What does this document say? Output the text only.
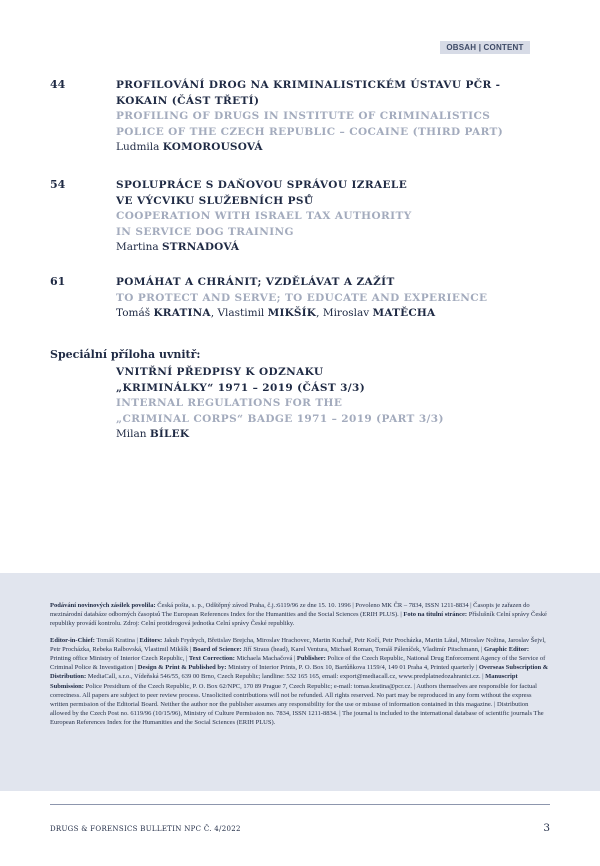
OBSAH | CONTENT
44	PROFILOVÁNÍ DROG NA KRIMINALISTICKÉM ÚSTAVU PČR -
KOKAIN (ČÁST TŘETÍ)
PROFILING OF DRUGS IN INSTITUTE OF CRIMINALISTICS
POLICE OF THE CZECH REPUBLIC – COCAINE (THIRD PART)
Ludmila KOMOROUSOVÁ
54	SPOLUPRÁCE S DAŇOVOU SPRÁVOU IZRAELE
VE VÝCVIKU SLUŽEBNÍCH PSŮ
COOPERATION WITH ISRAEL TAX AUTHORITY
IN SERVICE DOG TRAINING
Martina STRNADOVÁ
61	POMÁHAT A CHRÁNIT; VZDĚLÁVAT A ZAŽÍT
TO PROTECT AND SERVE; TO EDUCATE AND EXPERIENCE
Tomáš KRATINA, Vlastimil MIKŠÍK, Miroslav MATĚCHA
Speciální příloha uvnitř:
VNITŘNÍ PŘEDPISY K ODZNAKU
„KRIMINÁLKY“ 1971 – 2019 (ČÁST 3/3)
INTERNAL REGULATIONS FOR THE
„CRIMINAL CORPS“ BADGE 1971 – 2019 (PART 3/3)
Milan BÍLEK

Podávání novinových zásilek povolila: Česká pošta, s. p., Odštěpný závod Praha, č.j.:6119/96 ze dne 15. 10. 1996 | Povoleno MK ČR – 7834, ISSN 1211-8834 | Časopis je zařazen do mezinárodní databáze odborných časopisů The European References Index for the Humanities and the Social Sciences (ERIH PLUS). | Foto na titulní stránce: Příslušník Celní správy České republiky provádí kontrolu. Zdroj: Celní protidrogová jednotka Celní správy České republiky.

Editor-in-Chief: Tomáš Kratina | Editors: Jakub Frydrych, Břetislav Brejcha, Miroslav Hrachovec, Martin Kuchař, Petr Kočí, Petr Procházka, Martin Látal, Miroslav Nožina, Jaroslav Šejvl, Petr Procházka, Rebeka Ralbovská, Vlastimil Mikšík | Board of Science: Jiří Straus (head), Karel Ventura, Michael Roman, Tomáš Páleníček, Vladimír Pitschmann, | Graphic Editor: Printing office Ministry of Interior Czech Republic, | Text Correction: Michaela Machačová | Publisher: Police of the Czech Republic, National Drug Enforcement Agency of the Service of Criminal Police & Investigation | Design & Print & Published by: Ministry of Interior Prints, P. O. Box 10, Bartůňkova 1159/4, 149 01 Praha 4, Printed quarterly | Overseas Subscription & Distribution: MediaCall, s.r.o., Vídeňská 546/55, 639 00 Brno, Czech Republic; landline: 532 165 165, email: export@mediacall.cz, www.predplatnedozahranici.cz. | Manuscript Submission: Police Presidium of the Czech Republic, P. O. Box 62/NPC, 170 89 Prague 7, Czech Republic; e-mail: tomas.kratina@pcr.cz. | Authors themselves are responsible for factual correctness. All papers are subject to peer review process. Unsolicited contributions will not be refunded. All rights reserved. No part may be reproduced in any form without the express written permission of the Editorial Board. Neither the author nor the publisher assumes any responsibility for the use or misuse of information contained in this magazine. | Distribution allowed by the Czech Post no. 6119/96 (10/15/96), Ministry of Culture Permission no. 7834, ISSN 1211-8834. | The journal is included to the international database of scientific journals The European References Index for the Humanities and the Social Sciences (ERIH PLUS).

DRUGS & FORENSICS BULLETIN NPC Č. 4/2022	3
